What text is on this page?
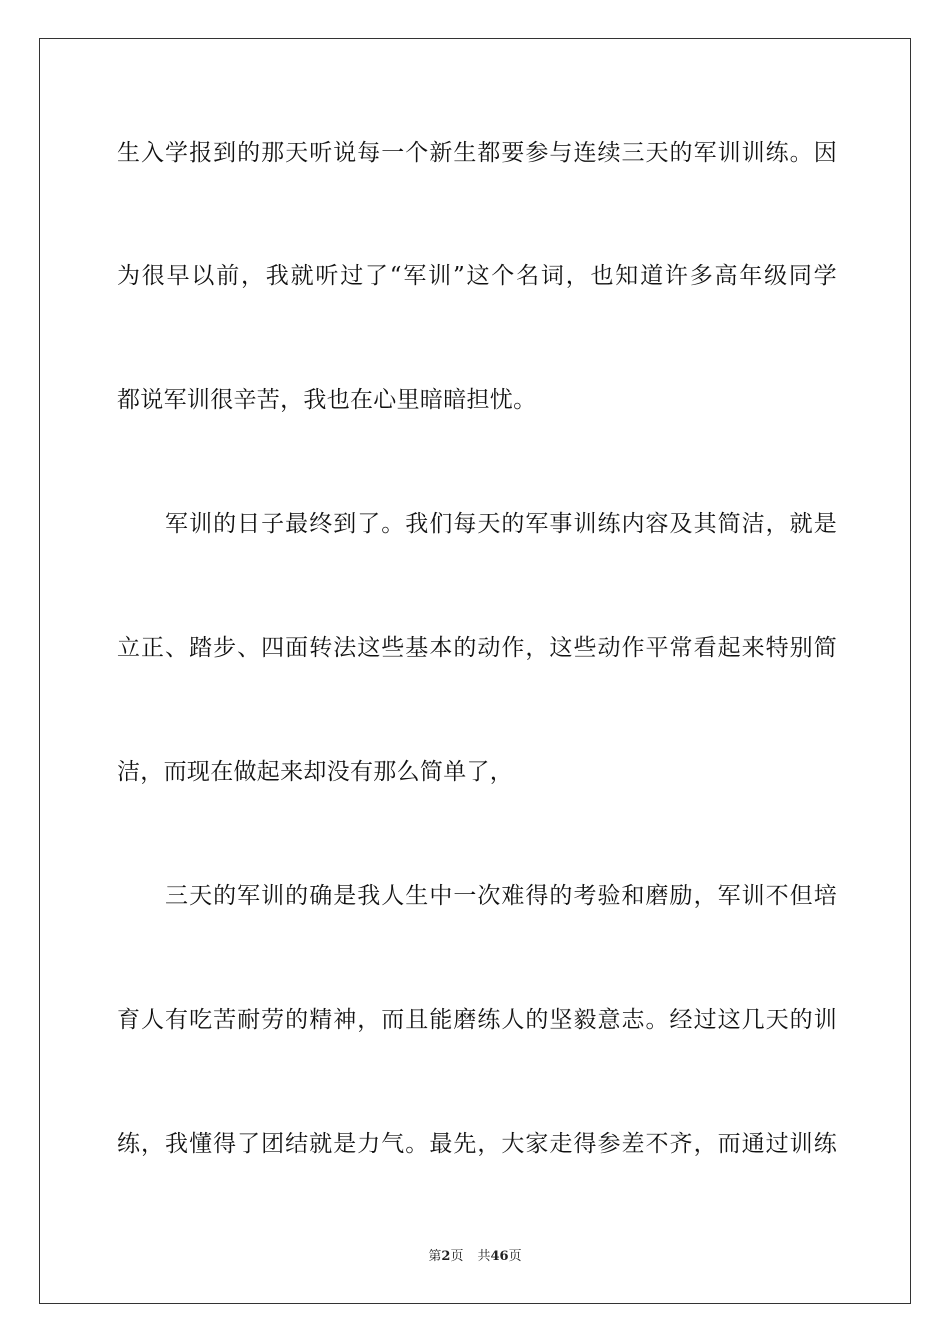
生入学报到的那天听说每一个新生都要参与连续三天的军训训练。因
为很早以前，我就听过了“军训”这个名词，也知道许多高年级同学
都说军训很辛苦，我也在心里暗暗担忧。
　　军训的日子最终到了。我们每天的军事训练内容及其简洁，就是
立正、踏步、四面转法这些基本的动作，这些动作平常看起来特别简
洁，而现在做起来却没有那么简单了，
　　三天的军训的确是我人生中一次难得的考验和磨励，军训不但培
育人有吃苦耐劳的精神，而且能磨练人的坚毅意志。经过这几天的训
练，我懂得了团结就是力气。最先，大家走得参差不齐，而通过训练
第2页 共46页
